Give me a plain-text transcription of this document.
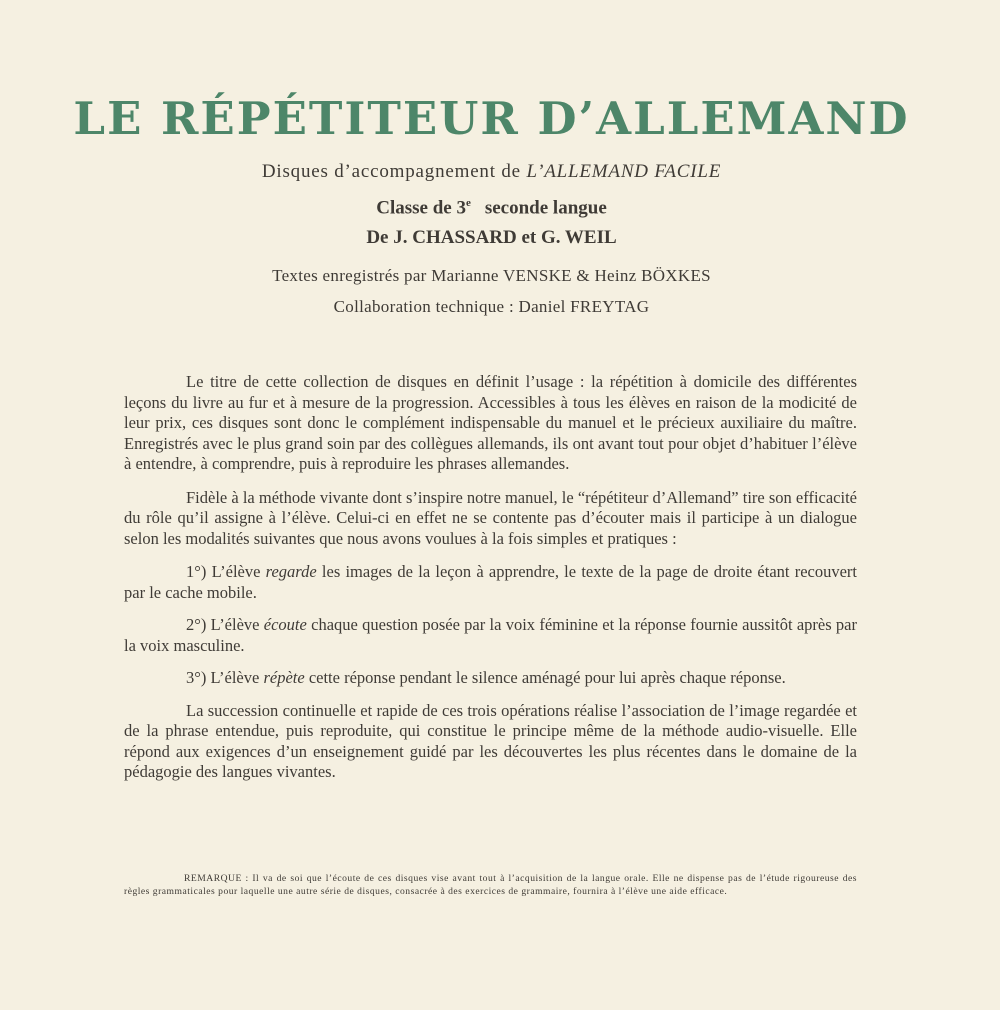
LE RÉPÉTITEUR D’ALLEMAND

Disques d’accompagnement de L’ALLEMAND FACILE

Classe de 3e seconde langue

De J. CHASSARD et G. WEIL

Textes enregistrés par Marianne VENSKE & Heinz BÖXKES

Collaboration technique : Daniel FREYTAG

Le titre de cette collection de disques en définit l’usage : la répétition à domicile des différentes leçons du livre au fur et à mesure de la progression. Accessibles à tous les élèves en raison de la modicité de leur prix, ces disques sont donc le complément indispensable du manuel et le précieux auxiliaire du maître. Enregistrés avec le plus grand soin par des collègues allemands, ils ont avant tout pour objet d’habituer l’élève à entendre, à comprendre, puis à reproduire les phrases allemandes.

Fidèle à la méthode vivante dont s’inspire notre manuel, le “répétiteur d’Allemand” tire son efficacité du rôle qu’il assigne à l’élève. Celui-ci en effet ne se contente pas d’écouter mais il participe à un dialogue selon les modalités suivantes que nous avons voulues à la fois simples et pratiques :

1°) L’élève regarde les images de la leçon à apprendre, le texte de la page de droite étant recouvert par le cache mobile.

2°) L’élève écoute chaque question posée par la voix féminine et la réponse fournie aussitôt après par la voix masculine.

3°) L’élève répète cette réponse pendant le silence aménagé pour lui après chaque réponse.

La succession continuelle et rapide de ces trois opérations réalise l’association de l’image regardée et de la phrase entendue, puis reproduite, qui constitue le principe même de la méthode audio-visuelle. Elle répond aux exigences d’un enseignement guidé par les découvertes les plus récentes dans le domaine de la pédagogie des langues vivantes.

REMARQUE : Il va de soi que l’écoute de ces disques vise avant tout à l’acquisition de la langue orale. Elle ne dispense pas de l’étude rigoureuse des règles grammaticales pour laquelle une autre série de disques, consacrée à des exercices de grammaire, fournira à l’élève une aide efficace.
